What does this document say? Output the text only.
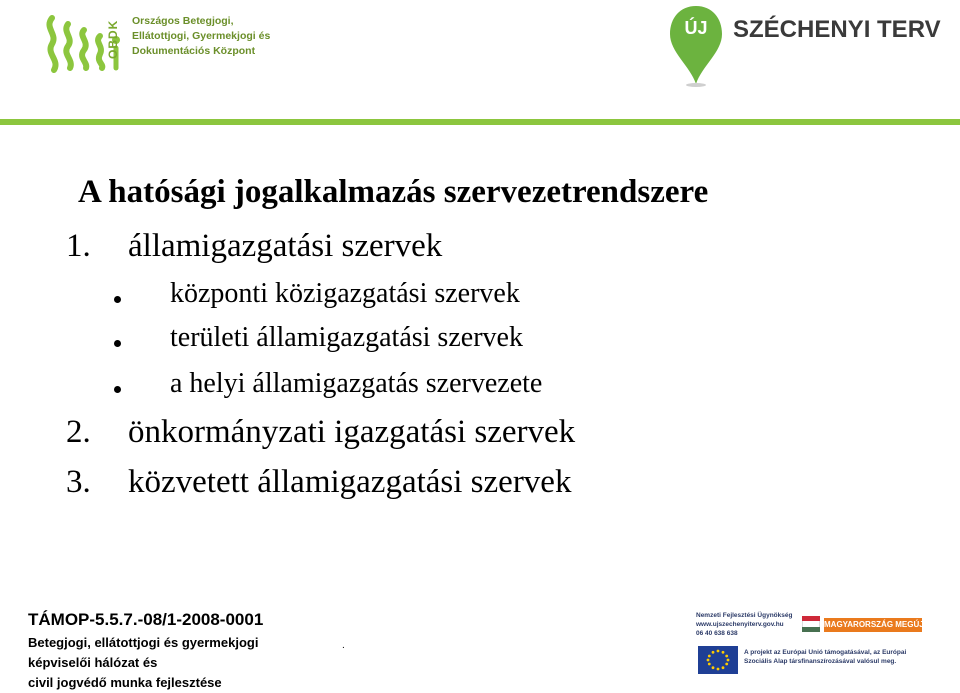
OBDK	Országos Betegjogi,
Ellátottjogi, Gyermekjogi és
Dokumentációs Központ
ÚJ	SZÉCHENYI TERV
A hatósági jogalkalmazás szervezetrendszere
1. államigazgatási szervek
központi közigazgatási szervek
területi államigazgatási szervek
a helyi államigazgatás szervezete
2. önkormányzati igazgatási szervek
3. közvetett államigazgatási szervek
TÁMOP-5.5.7.-08/1-2008-0001
Betegjogi, ellátottjogi és gyermekjogi
képviselői hálózat és
civil jogvédő munka fejlesztése
.
Nemzeti Fejlesztési Ügynökség
www.ujszechenyiterv.gov.hu
06 40 638 638
MAGYARORSZÁG MEGÚJUL
A projekt az Európai Unió támogatásával, az Európai
Szociális Alap társfinanszírozásával valósul meg.
